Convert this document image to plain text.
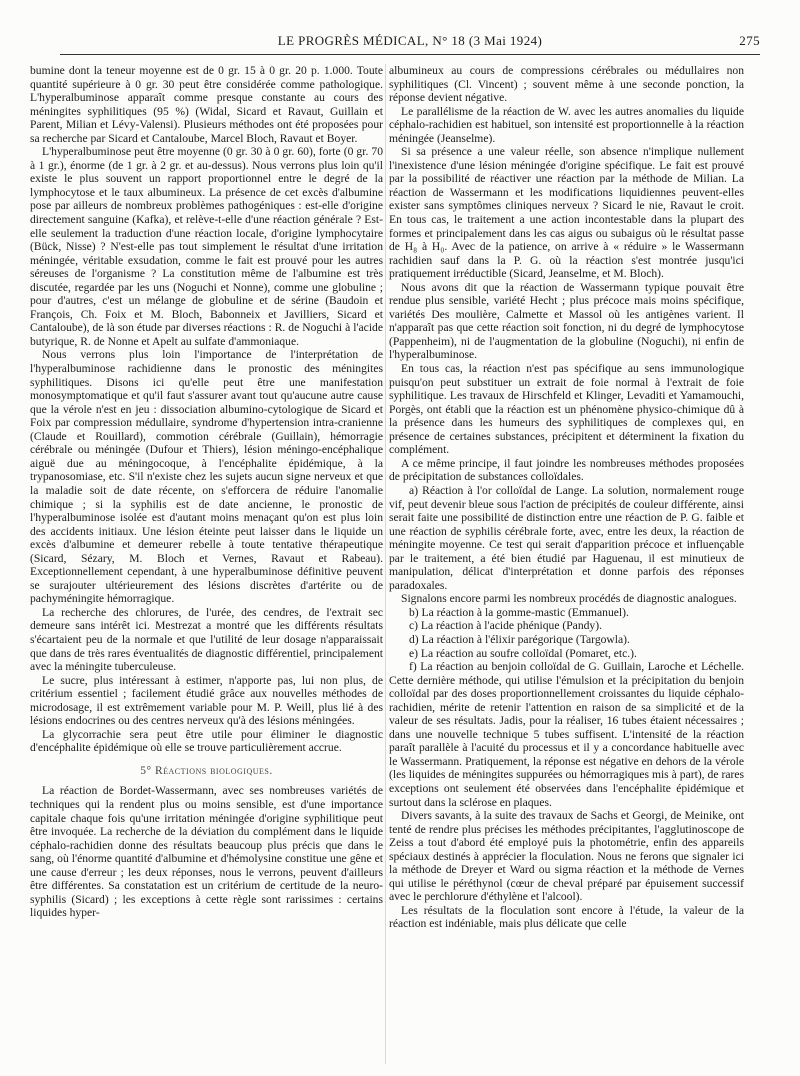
LE PROGRÈS MÉDICAL, N° 18 (3 Mai 1924)	275

bumine dont la teneur moyenne est de 0 gr. 15 à 0 gr. 20 p. 1.000. Toute quantité supérieure à 0 gr. 30 peut être considérée comme pathologique. L'hyperalbuminose apparaît comme presque constante au cours des méningites syphilitiques (95 %) (Widal, Sicard et Ravaut, Guillain et Parent, Milian et Lévy-Valensi). Plusieurs méthodes ont été proposées pour sa recherche par Sicard et Cantaloube, Marcel Bloch, Ravaut et Boyer.

L'hyperalbuminose peut être moyenne (0 gr. 30 à 0 gr. 60), forte (0 gr. 70 à 1 gr.), énorme (de 1 gr. à 2 gr. et au-dessus). Nous verrons plus loin qu'il existe le plus souvent un rapport proportionnel entre le degré de la lymphocytose et le taux albumineux. La présence de cet excès d'albumine pose par ailleurs de nombreux problèmes pathogéniques : est-elle d'origine directement sanguine (Kafka), et relève-t-elle d'une réaction générale ? Est-elle seulement la traduction d'une réaction locale, d'origine lymphocytaire (Bück, Nisse) ? N'est-elle pas tout simplement le résultat d'une irritation méningée, véritable exsudation, comme le fait est prouvé pour les autres séreuses de l'organisme ? La constitution même de l'albumine est très discutée, regardée par les uns (Noguchi et Nonne), comme une globuline ; pour d'autres, c'est un mélange de globuline et de sérine (Baudoin et François, Ch. Foix et M. Bloch, Babonneix et Javilliers, Sicard et Cantaloube), de là son étude par diverses réactions : R. de Noguchi à l'acide butyrique, R. de Nonne et Apelt au sulfate d'ammoniaque.

Nous verrons plus loin l'importance de l'interprétation de l'hyperalbuminose rachidienne dans le pronostic des méningites syphilitiques. Disons ici qu'elle peut être une manifestation monosymptomatique et qu'il faut s'assurer avant tout qu'aucune autre cause que la vérole n'est en jeu : dissociation albumino-cytologique de Sicard et Foix par compression médullaire, syndrome d'hypertension intra-cranienne (Claude et Rouillard), commotion cérébrale (Guillain), hémorragie cérébrale ou méningée (Dufour et Thiers), lésion méningo-encéphalique aiguë due au méningocoque, à l'encéphalite épidémique, à la trypanosomiase, etc. S'il n'existe chez les sujets aucun signe nerveux et que la maladie soit de date récente, on s'efforcera de réduire l'anomalie chimique ; si la syphilis est de date ancienne, le pronostic de l'hyperalbuminose isolée est d'autant moins menaçant qu'on est plus loin des accidents initiaux. Une lésion éteinte peut laisser dans le liquide un excès d'albumine et demeurer rebelle à toute tentative thérapeutique (Sicard, Sézary, M. Bloch et Vernes, Ravaut et Rabeau). Exceptionnellement cependant, à une hyperalbuminose définitive peuvent se surajouter ultérieurement des lésions discrètes d'artérite ou de pachyméningite hémorragique.

La recherche des chlorures, de l'urée, des cendres, de l'extrait sec demeure sans intérêt ici. Mestrezat a montré que les différents résultats s'écartaient peu de la normale et que l'utilité de leur dosage n'apparaissait que dans de très rares éventualités de diagnostic différentiel, principalement avec la méningite tuberculeuse.

Le sucre, plus intéressant à estimer, n'apporte pas, lui non plus, de critérium essentiel ; facilement étudié grâce aux nouvelles méthodes de microdosage, il est extrêmement variable pour M. P. Weill, plus lié à des lésions endocrines ou des centres nerveux qu'à des lésions méningées.

La glycorrachie sera peut être utile pour éliminer le diagnostic d'encéphalite épidémique où elle se trouve particulièrement accrue.

5° Réactions biologiques.

La réaction de Bordet-Wassermann, avec ses nombreuses variétés de techniques qui la rendent plus ou moins sensible, est d'une importance capitale chaque fois qu'une irritation méningée d'origine syphilitique peut être invoquée. La recherche de la déviation du complément dans le liquide céphalo-rachidien donne des résultats beaucoup plus précis que dans le sang, où l'énorme quantité d'albumine et d'hémolysine constitue une gêne et une cause d'erreur ; les deux réponses, nous le verrons, peuvent d'ailleurs être différentes. Sa constatation est un critérium de certitude de la neuro-syphilis (Sicard) ; les exceptions à cette règle sont rarissimes : certains liquides hyper-

albumineux au cours de compressions cérébrales ou médullaires non syphilitiques (Cl. Vincent) ; souvent même à une seconde ponction, la réponse devient négative.

Le parallélisme de la réaction de W. avec les autres anomalies du liquide céphalo-rachidien est habituel, son intensité est proportionnelle à la réaction méningée (Jeanselme).

Si sa présence a une valeur réelle, son absence n'implique nullement l'inexistence d'une lésion méningée d'origine spécifique. Le fait est prouvé par la possibilité de réactiver une réaction par la méthode de Milian. La réaction de Wassermann et les modifications liquidiennes peuvent-elles exister sans symptômes cliniques nerveux ? Sicard le nie, Ravaut le croit. En tous cas, le traitement a une action incontestable dans la plupart des formes et principalement dans les cas aigus ou subaigus où le résultat passe de H₈ à H₀. Avec de la patience, on arrive à « réduire » le Wassermann rachidien sauf dans la P. G. où la réaction s'est montrée jusqu'ici pratiquement irréductible (Sicard, Jeanselme, et M. Bloch).

Nous avons dit que la réaction de Wassermann typique pouvait être rendue plus sensible, variété Hecht ; plus précoce mais moins spécifique, variétés Des moulière, Calmette et Massol où les antigènes varient. Il n'apparaît pas que cette réaction soit fonction, ni du degré de lymphocytose (Pappenheim), ni de l'augmentation de la globuline (Noguchi), ni enfin de l'hyperalbuminose.

En tous cas, la réaction n'est pas spécifique au sens immunologique puisqu'on peut substituer un extrait de foie normal à l'extrait de foie syphilitique. Les travaux de Hirschfeld et Klinger, Levaditi et Yamamouchi, Porgès, ont établi que la réaction est un phénomène physico-chimique dû à la présence dans les humeurs des syphilitiques de complexes qui, en présence de certaines substances, précipitent et déterminent la fixation du complément.

A ce même principe, il faut joindre les nombreuses méthodes proposées de précipitation de substances colloïdales.

a) Réaction à l'or colloïdal de Lange. La solution, normalement rouge vif, peut devenir bleue sous l'action de précipités de couleur différente, ainsi serait faite une possibilité de distinction entre une réaction de P. G. faible et une réaction de syphilis cérébrale forte, avec, entre les deux, la réaction de méningite moyenne. Ce test qui serait d'apparition précoce et influençable par le traitement, a été bien étudié par Haguenau, il est minutieux de manipulation, délicat d'interprétation et donne parfois des réponses paradoxales.

Signalons encore parmi les nombreux procédés de diagnostic analogues.

b) La réaction à la gomme-mastic (Emmanuel).

c) La réaction à l'acide phénique (Pandy).

d) La réaction à l'élixir parégorique (Targowla).

e) La réaction au soufre colloïdal (Pomaret, etc.).

f) La réaction au benjoin colloïdal de G. Guillain, Laroche et Léchelle. Cette dernière méthode, qui utilise l'émulsion et la précipitation du benjoin colloïdal par des doses proportionnellement croissantes du liquide céphalo-rachidien, mérite de retenir l'attention en raison de sa simplicité et de la valeur de ses résultats. Jadis, pour la réaliser, 16 tubes étaient nécessaires ; dans une nouvelle technique 5 tubes suffisent. L'intensité de la réaction paraît parallèle à l'acuité du processus et il y a concordance habituelle avec le Wassermann. Pratiquement, la réponse est négative en dehors de la vérole (les liquides de méningites suppurées ou hémorragiques mis à part), de rares exceptions ont seulement été observées dans l'encéphalite épidémique et surtout dans la sclérose en plaques.

Divers savants, à la suite des travaux de Sachs et Georgi, de Meinike, ont tenté de rendre plus précises les méthodes précipitantes, l'agglutinoscope de Zeiss a tout d'abord été employé puis la photométrie, enfin des appareils spéciaux destinés à apprécier la floculation. Nous ne ferons que signaler ici la méthode de Dreyer et Ward ou sigma réaction et la méthode de Vernes qui utilise le péréthynol (cœur de cheval préparé par épuisement successif avec le perchlorure d'éthylène et l'alcool).

Les résultats de la floculation sont encore à l'étude, la valeur de la réaction est indéniable, mais plus délicate que celle
